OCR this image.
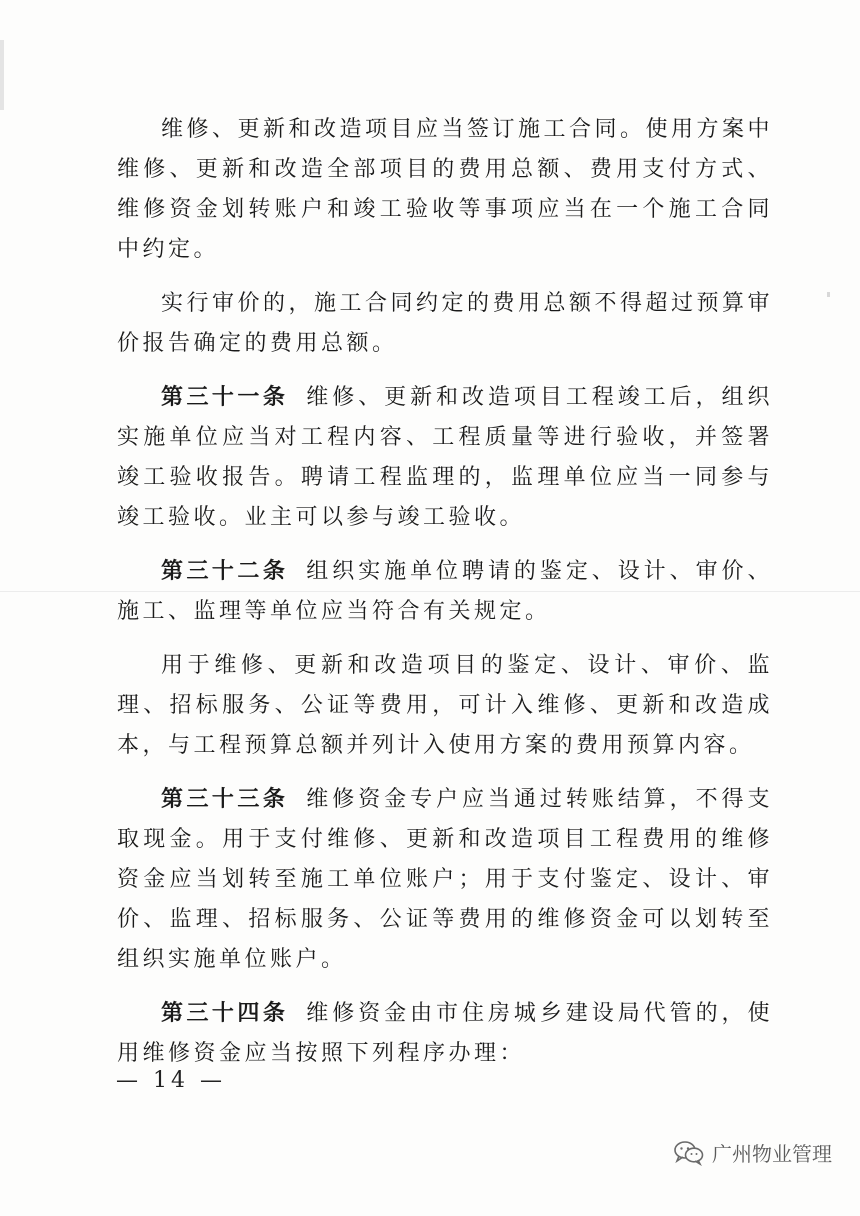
维修、更新和改造项目应当签订施工合同。使用方案中维修、更新和改造全部项目的费用总额、费用支付方式、维修资金划转账户和竣工验收等事项应当在一个施工合同中约定。

实行审价的，施工合同约定的费用总额不得超过预算审价报告确定的费用总额。

第三十一条 维修、更新和改造项目工程竣工后，组织实施单位应当对工程内容、工程质量等进行验收，并签署竣工验收报告。聘请工程监理的，监理单位应当一同参与竣工验收。业主可以参与竣工验收。

第三十二条 组织实施单位聘请的鉴定、设计、审价、施工、监理等单位应当符合有关规定。

用于维修、更新和改造项目的鉴定、设计、审价、监理、招标服务、公证等费用，可计入维修、更新和改造成本，与工程预算总额并列计入使用方案的费用预算内容。

第三十三条 维修资金专户应当通过转账结算，不得支取现金。用于支付维修、更新和改造项目工程费用的维修资金应当划转至施工单位账户；用于支付鉴定、设计、审价、监理、招标服务、公证等费用的维修资金可以划转至组织实施单位账户。

第三十四条 维修资金由市住房城乡建设局代管的，使用维修资金应当按照下列程序办理：

— 14 —
广州物业管理
